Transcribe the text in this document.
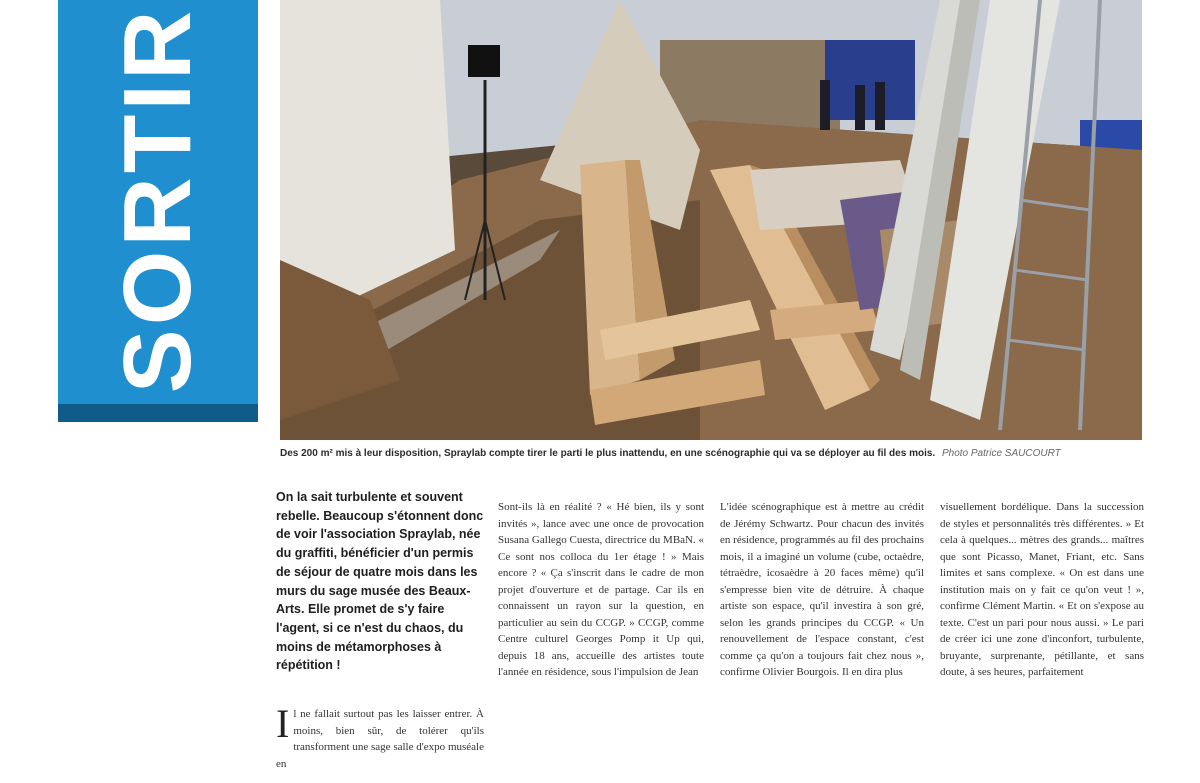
SORTIR
Des 200 m² mis à leur disposition, Spraylab compte tirer le parti le plus inattendu, en une scénographie qui va se déployer au fil des mois. Photo Patrice SAUCOURT
On la sait turbulente et souvent rebelle. Beaucoup s'étonnent donc de voir l'association Spraylab, née du graffiti, bénéficier d'un permis de séjour de quatre mois dans les murs du sage musée des Beaux-Arts. Elle promet de s'y faire l'agent, si ce n'est du chaos, du moins de métamorphoses à répétition !
Il ne fallait surtout pas les laisser entrer. À moins, bien sûr, de tolérer qu'ils transforment une sage salle d'expo muséale en

Sont-ils là en réalité ? « Hé bien, ils y sont invités », lance avec une once de provocation Susana Gallego Cuesta, directrice du MBaN. « Ce sont nos colloca du 1er étage ! » Mais encore ? « Ça s'inscrit dans le cadre de mon projet d'ouverture et de partage. Car ils en connaissent un rayon sur la question, en particulier au sein du CCGP. » CCGP, comme Centre culturel Georges Pomp it Up qui, depuis 18 ans, accueille des artistes toute l'année en résidence, sous l'impulsion de Jean

L'idée scénographique est à mettre au crédit de Jérémy Schwartz. Pour chacun des invités en résidence, programmés au fil des prochains mois, il a imaginé un volume (cube, octaèdre, tétraèdre, icosaèdre à 20 faces même) qu'il s'empresse bien vite de détruire. À chaque artiste son espace, qu'il investira à son gré, selon les grands principes du CCGP. « Un renouvellement de l'espace constant, c'est comme ça qu'on a toujours fait chez nous », confirme Olivier Bourgois. Il en dira plus

visuellement bordélique. Dans la succession de styles et personnalités très différentes. » Et cela à quelques... mètres des grands... maîtres que sont Picasso, Manet, Friant, etc. Sans limites et sans complexe. « On est dans une institution mais on y fait ce qu'on veut ! », confirme Clément Martin. « Et on s'expose au texte. C'est un pari pour nous aussi. » Le pari de créer ici une zone d'inconfort, turbulente, bruyante, surprenante, pétillante, et sans doute, à ses heures, parfaitement
